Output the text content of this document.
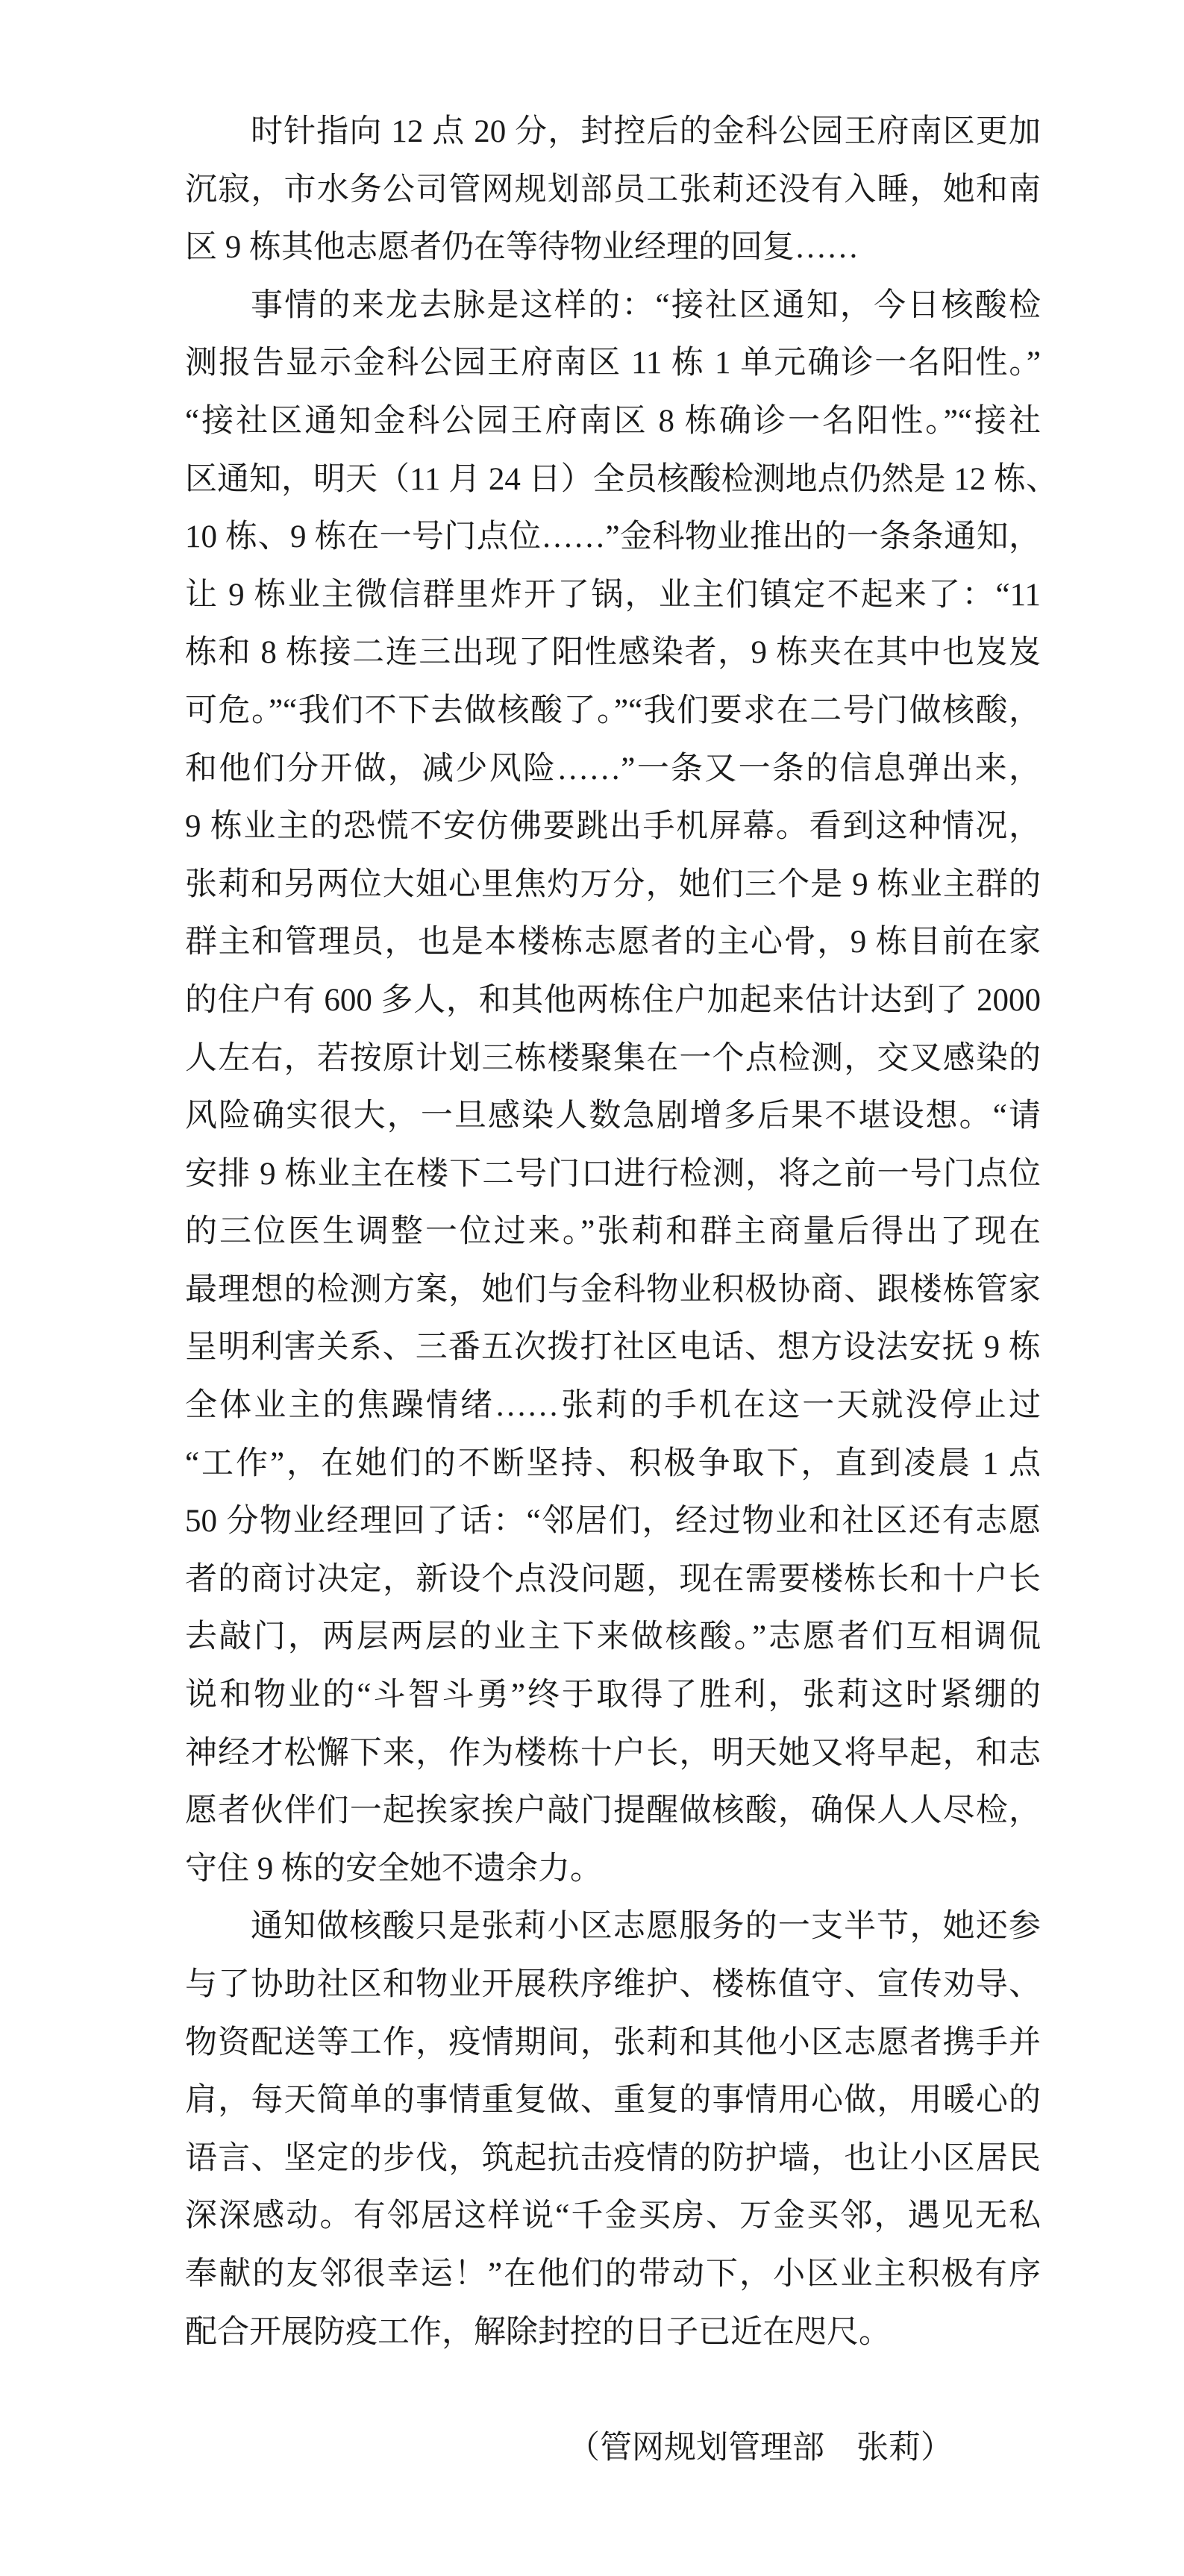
时针指向 12 点 20 分，封控后的金科公园王府南区更加
沉寂，市水务公司管网规划部员工张莉还没有入睡，她和南
区 9 栋其他志愿者仍在等待物业经理的回复……
事情的来龙去脉是这样的：“接社区通知，今日核酸检
测报告显示金科公园王府南区 11 栋 1 单元确诊一名阳性。”
“接社区通知金科公园王府南区 8 栋确诊一名阳性。”“接社
区通知，明天（11 月 24 日）全员核酸检测地点仍然是 12 栋、
10 栋、9 栋在一号门点位……”金科物业推出的一条条通知，
让 9 栋业主微信群里炸开了锅，业主们镇定不起来了：“11
栋和 8 栋接二连三出现了阳性感染者，9 栋夹在其中也岌岌
可危。”“我们不下去做核酸了。”“我们要求在二号门做核酸，
和他们分开做，减少风险……”一条又一条的信息弹出来，
9 栋业主的恐慌不安仿佛要跳出手机屏幕。看到这种情况，
张莉和另两位大姐心里焦灼万分，她们三个是 9 栋业主群的
群主和管理员，也是本楼栋志愿者的主心骨，9 栋目前在家
的住户有 600 多人，和其他两栋住户加起来估计达到了 2000
人左右，若按原计划三栋楼聚集在一个点检测，交叉感染的
风险确实很大，一旦感染人数急剧增多后果不堪设想。“请
安排 9 栋业主在楼下二号门口进行检测，将之前一号门点位
的三位医生调整一位过来。”张莉和群主商量后得出了现在
最理想的检测方案，她们与金科物业积极协商、跟楼栋管家
呈明利害关系、三番五次拨打社区电话、想方设法安抚 9 栋
全体业主的焦躁情绪……张莉的手机在这一天就没停止过
“工作”，在她们的不断坚持、积极争取下，直到凌晨 1 点
50 分物业经理回了话：“邻居们，经过物业和社区还有志愿
者的商讨决定，新设个点没问题，现在需要楼栋长和十户长
去敲门，两层两层的业主下来做核酸。”志愿者们互相调侃
说和物业的“斗智斗勇”终于取得了胜利，张莉这时紧绷的
神经才松懈下来，作为楼栋十户长，明天她又将早起，和志
愿者伙伴们一起挨家挨户敲门提醒做核酸，确保人人尽检，
守住 9 栋的安全她不遗余力。
通知做核酸只是张莉小区志愿服务的一支半节，她还参
与了协助社区和物业开展秩序维护、楼栋值守、宣传劝导、
物资配送等工作，疫情期间，张莉和其他小区志愿者携手并
肩，每天简单的事情重复做、重复的事情用心做，用暖心的
语言、坚定的步伐，筑起抗击疫情的防护墙，也让小区居民
深深感动。有邻居这样说“千金买房、万金买邻，遇见无私
奉献的友邻很幸运！”在他们的带动下，小区业主积极有序
配合开展防疫工作，解除封控的日子已近在咫尺。
（管网规划管理部　张莉）
